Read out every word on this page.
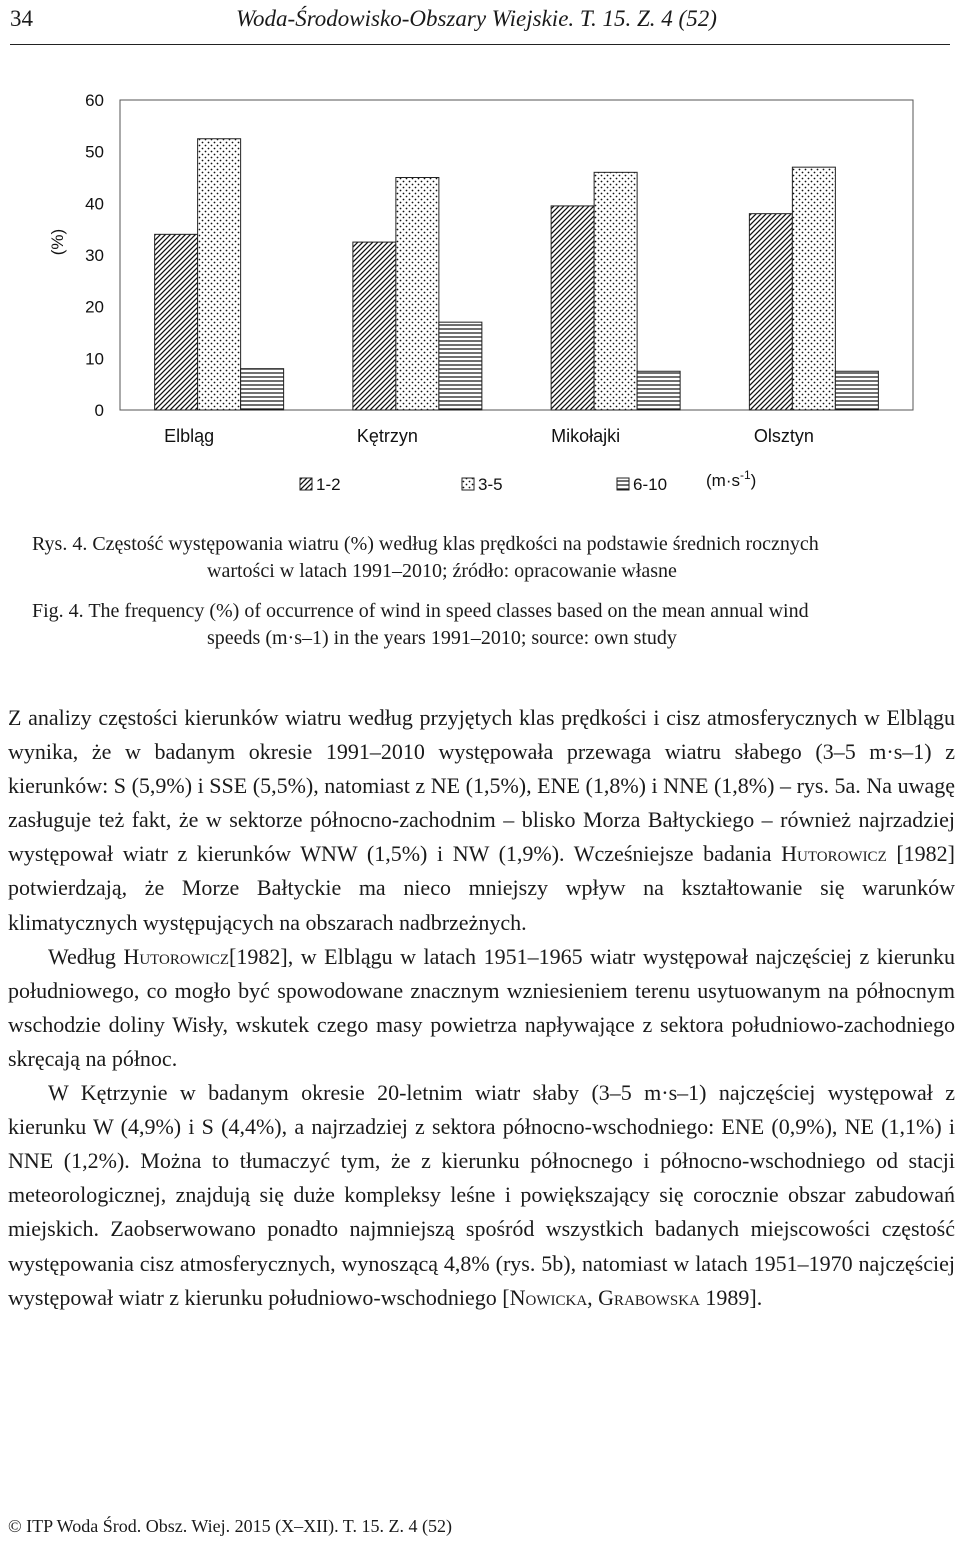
34	Woda-Środowisko-Obszary Wiejskie. T. 15. Z. 4 (52)
(%)
0
10
20
30
40
50
60
Elbląg	Kętrzyn	Mikołajki	Olsztyn
1-2	3-5	6-10 $(m\cdot s^{-1})$
Rys. 4. Częstość występowania wiatru (%) według klas prędkości na podstawie średnich rocznych
wartości w latach 1991–2010; źródło: opracowanie własne
Fig. 4. The frequency (%) of occurrence of wind in speed classes based on the mean annual wind
speeds (m·s–1) in the years 1991–2010; source: own study

Z analizy częstości kierunków wiatru według przyjętych klas prędkości i cisz atmosferycznych w Elblągu wynika, że w badanym okresie 1991–2010 występowała przewaga wiatru słabego (3–5 m·s–1) z kierunków: S (5,9%) i SSE (5,5%), natomiast z NE (1,5%), ENE (1,8%) i NNE (1,8%) – rys. 5a. Na uwagę zasługuje też fakt, że w sektorze północno-zachodnim – blisko Morza Bałtyckiego – również najrzadziej występował wiatr z kierunków WNW (1,5%) i NW (1,9%). Wcześniejsze badania Hutorowicz [1982] potwierdzają, że Morze Bałtyckie ma nieco mniejszy wpływ na kształtowanie się warunków klimatycznych występujących na obszarach nadbrzeżnych.

Według Hutorowicz[1982], w Elblągu w latach 1951–1965 wiatr występował najczęściej z kierunku południowego, co mogło być spowodowane znacznym wzniesieniem terenu usytuowanym na północnym wschodzie doliny Wisły, wskutek czego masy powietrza napływające z sektora południowo-zachodniego skręcają na północ.

W Kętrzynie w badanym okresie 20-letnim wiatr słaby (3–5 m·s–1) najczęściej występował z kierunku W (4,9%) i S (4,4%), a najrzadziej z sektora północno-wschodniego: ENE (0,9%), NE (1,1%) i NNE (1,2%). Można to tłumaczyć tym, że z kierunku północnego i północno-wschodniego od stacji meteorologicznej, znajdują się duże kompleksy leśne i powiększający się corocznie obszar zabudowań miejskich. Zaobserwowano ponadto najmniejszą spośród wszystkich badanych miejscowości częstość występowania cisz atmosferycznych, wynoszącą 4,8% (rys. 5b), natomiast w latach 1951–1970 najczęściej występował wiatr z kierunku południowo-wschodniego [Nowicka, Grabowska 1989].

© ITP Woda Środ. Obsz. Wiej. 2015 (X–XII). T. 15. Z. 4 (52)
